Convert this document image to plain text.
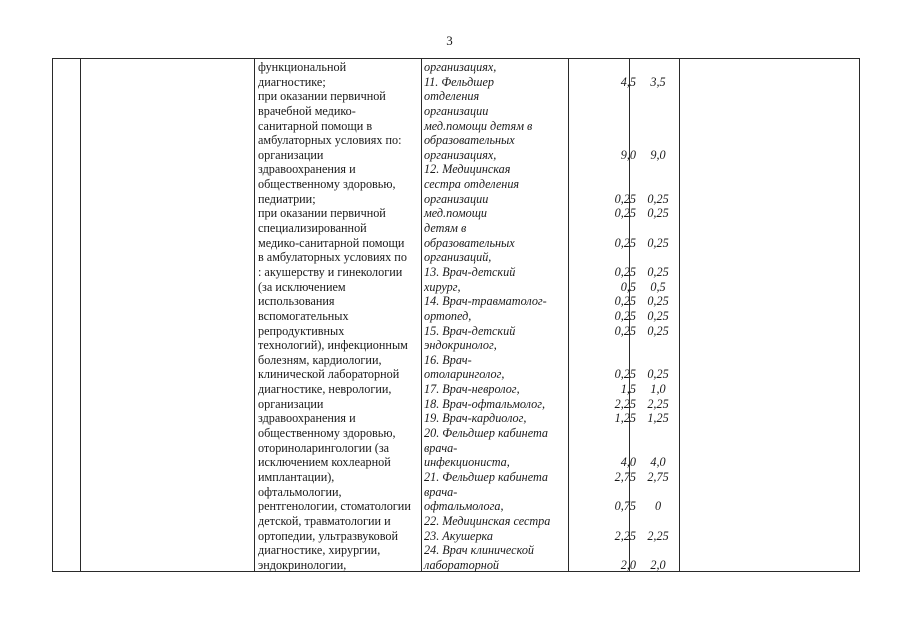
3
функциональной
диагностике;
при оказании первичной
врачебной медико-
санитарной помощи в
амбулаторных условиях по:
организации
здравоохранения и
общественному здоровью,
педиатрии;
при оказании первичной
специализированной
медико-санитарной помощи
в амбулаторных условиях по
: акушерству и гинекологии
(за исключением
использования
вспомогательных
репродуктивных
технологий), инфекционным
болезням, кардиологии,
клинической лабораторной
диагностике, неврологии,
организации
здравоохранения и
общественному здоровью,
оториноларингологии (за
исключением кохлеарной
имплантации),
офтальмологии,
рентгенологии, стоматологии
детской, травматологии и
ортопедии, ультразвуковой
диагностике, хирургии,
эндокринологии,
организациях,
11. Фельдшер
отделения
организации
мед.помощи детям в
образовательных
организациях,
12. Медицинская
сестра отделения
организации
мед.помощи
детям в
образовательных
организаций,
13. Врач-детский
хирург,
14. Врач-травматолог-
ортопед,
15. Врач-детский
эндокринолог,
16. Врач-
отоларинголог,
17. Врач-невролог,
18. Врач-офтальмолог,
19. Врач-кардиолог,
20. Фельдшер кабинета
врача-
инфекциониста,
21. Фельдшер кабинета
врача-
офтальмолога,
22. Медицинская сестра
23. Акушерка
24. Врач клинической
лабораторной
4,5
9,0
0,25
0,25
0,25
0,25
0,5
0,25
0,25
0,25
0,25
1,5
2,25
1,25
4,0
2,75
0,75
2,25
2,0
3,5
9,0
0,25
0,25
0,25
0,25
0,5
0,25
0,25
0,25
0,25
1,0
2,25
1,25
4,0
2,75
0
2,25
2,0
